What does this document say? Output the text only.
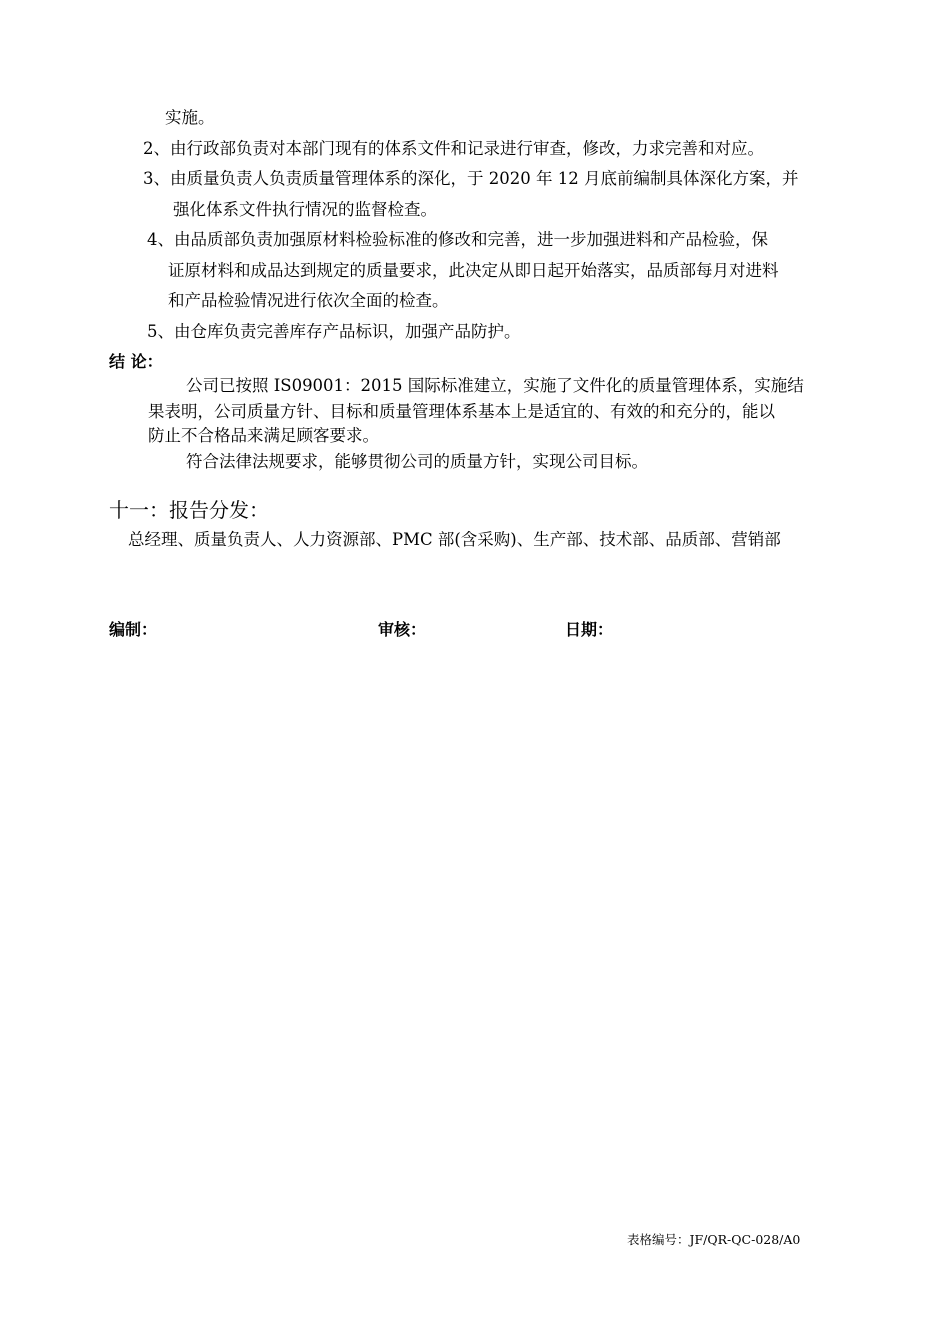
实施。
2、由行政部负责对本部门现有的体系文件和记录进行审查，修改，力求完善和对应。
3、由质量负责人负责质量管理体系的深化，于 2020 年 12 月底前编制具体深化方案，并
强化体系文件执行情况的监督检查。
4、由品质部负责加强原材料检验标准的修改和完善，进一步加强进料和产品检验，保
证原材料和成品达到规定的质量要求，此决定从即日起开始落实，品质部每月对进料
和产品检验情况进行依次全面的检查。
5、由仓库负责完善库存产品标识，加强产品防护。
结 论：
公司已按照 IS09001：2015 国际标准建立，实施了文件化的质量管理体系，实施结
果表明，公司质量方针、目标和质量管理体系基本上是适宜的、有效的和充分的，能以
防止不合格品来满足顾客要求。
符合法律法规要求，能够贯彻公司的质量方针，实现公司目标。
十一：报告分发：
总经理、质量负责人、人力资源部、PMC 部(含采购)、生产部、技术部、品质部、营销部
编制：	审核：	日期：
表格编号：JF/QR-QC-028/A0
